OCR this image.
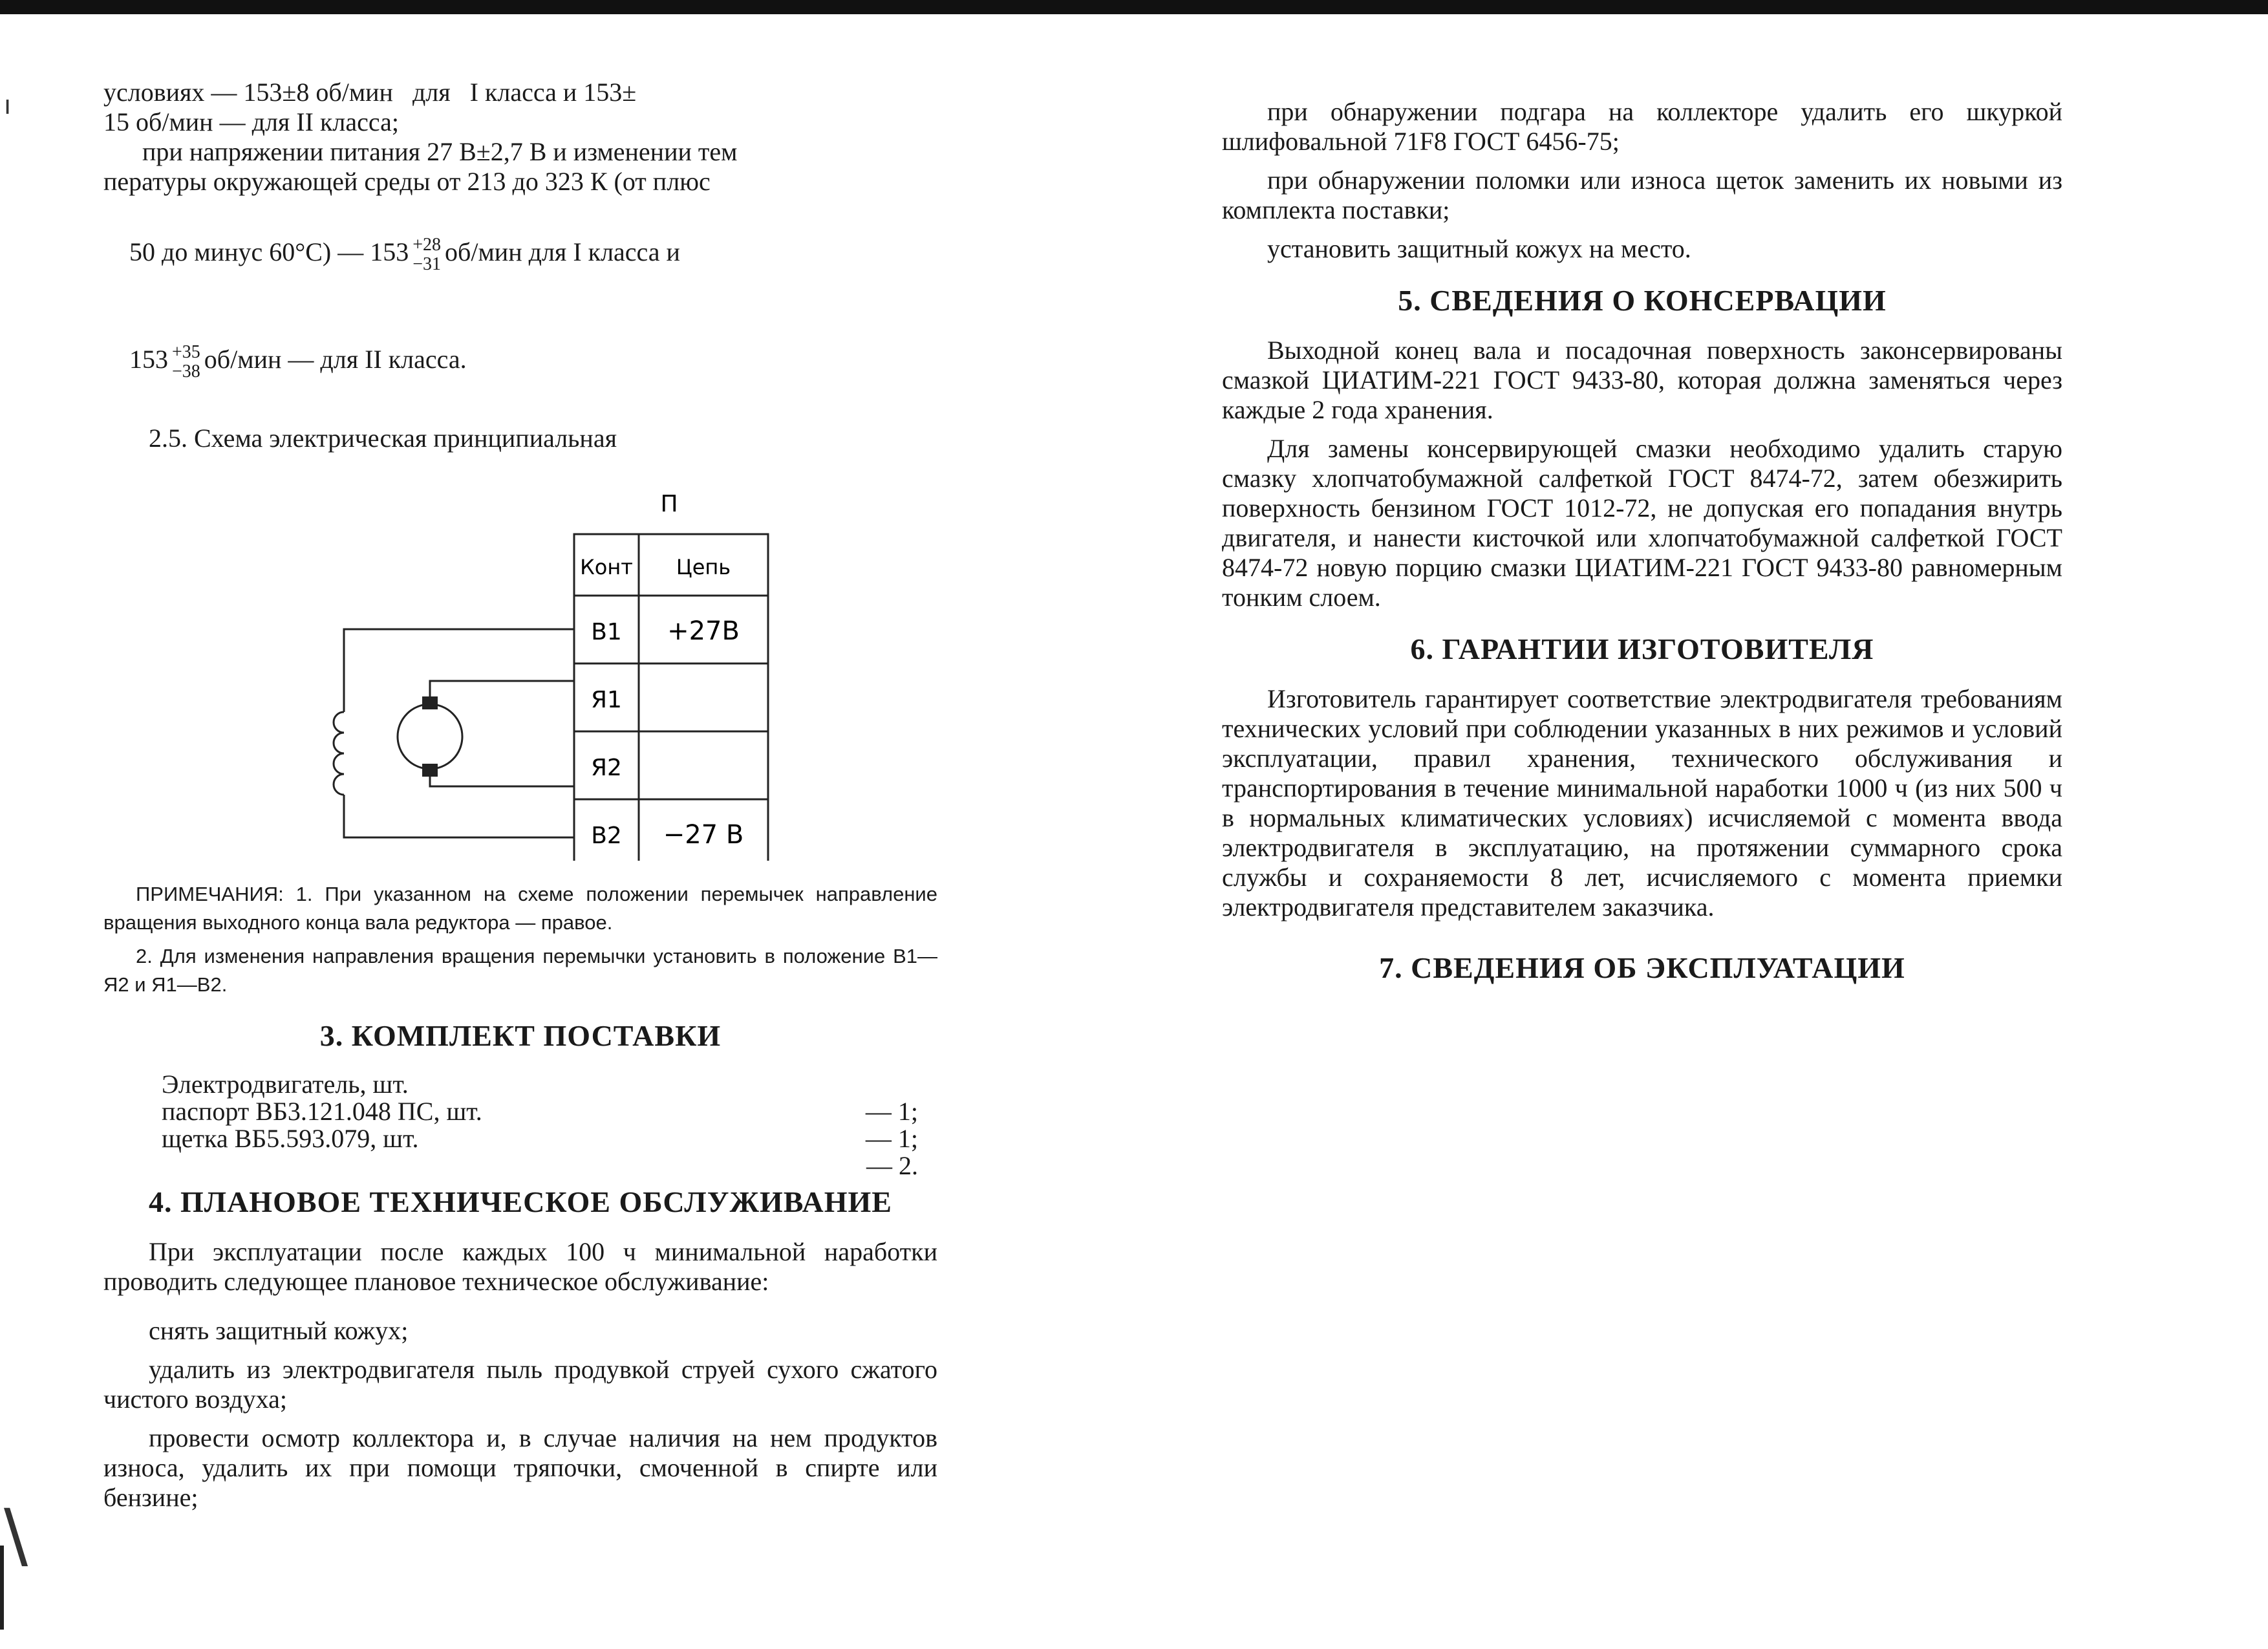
ı
\
условиях — 153±8 об/мин   для   I класса и 153±
15 об/мин — для II класса;
при напряжении питания 27 В±2,7 В и изменении тем
пературы окружающей среды от 213 до 323 К (от плюс

50 до минус 60°С) — 153 +28
−31 об/мин для I класса и

153 +35
−38 об/мин — для II класса.

2.5. Схема электрическая принципиальная
П
Конт Цепь
В1 +27В
Я1
Я2
В2 −27 В

ПРИМЕЧАНИЯ: 1. При указанном на схеме положении перемычек направление вращения выходного конца вала редуктора — правое.

2. Для изменения направления вращения перемычки установить в положение В1—Я2 и Я1—В2.

3. КОМПЛЕКТ ПОСТАВКИ
Электродвигатель, шт.
паспорт ВБ3.121.048 ПС, шт.	— 1;
щетка ВБ5.593.079, шт.	— 1;
— 2.
4. ПЛАНОВОЕ ТЕХНИЧЕСКОЕ ОБСЛУЖИВАНИЕ

При эксплуатации после каждых 100 ч минимальной наработки проводить следующее плановое техническое обслуживание:

снять защитный кожух;

удалить из электродвигателя пыль продувкой струей сухого сжатого чистого воздуха;

провести осмотр коллектора и, в случае наличия на нем продуктов износа, удалить их при помощи тряпочки, смоченной в спирте или бензине;

при обнаружении подгара на коллекторе удалить его шкуркой шлифовальной 71F8 ГОСТ 6456-75;

при обнаружении поломки или износа щеток заменить их новыми из комплекта поставки;

установить защитный кожух на место.

5. СВЕДЕНИЯ О КОНСЕРВАЦИИ

Выходной конец вала и посадочная поверхность законсервированы смазкой ЦИАТИМ-221 ГОСТ 9433-80, которая должна заменяться через каждые 2 года хранения.

Для замены консервирующей смазки необходимо удалить старую смазку хлопчатобумажной салфеткой ГОСТ 8474-72, затем обезжирить поверхность бензином ГОСТ 1012-72, не допуская его попадания внутрь двигателя, и нанести кисточкой или хлопчатобумажной салфеткой ГОСТ 8474-72 новую порцию смазки ЦИАТИМ-221 ГОСТ 9433-80 равномерным тонким слоем.

6. ГАРАНТИИ ИЗГОТОВИТЕЛЯ

Изготовитель гарантирует соответствие электродвигателя требованиям технических условий при соблюдении указанных в них режимов и условий эксплуатации, правил хранения, технического обслуживания и транспортирования в течение минимальной наработки 1000 ч (из них 500 ч в нормальных климатических условиях) исчисляемой с момента ввода электродвигателя в эксплуатацию, на протяжении суммарного срока службы и сохраняемости 8 лет, исчисляемого с момента приемки электродвигателя представителем заказчика.

7. СВЕДЕНИЯ ОБ ЭКСПЛУАТАЦИИ
